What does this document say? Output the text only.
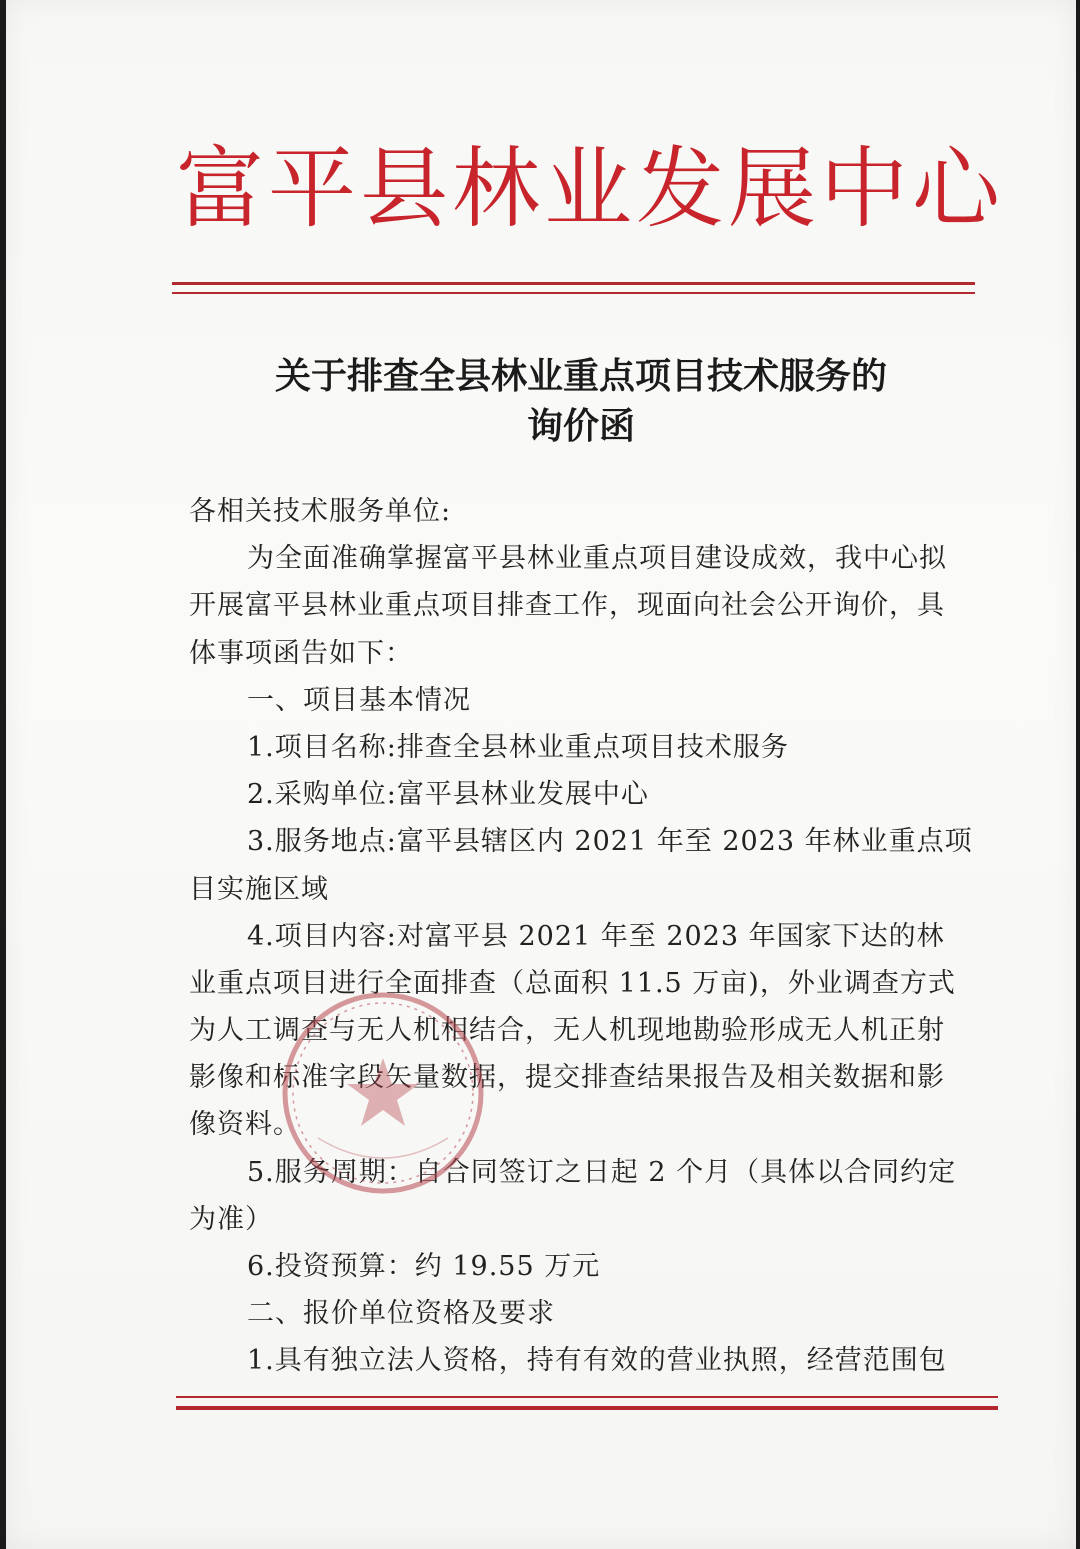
富平县林业发展中心
关于排查全县林业重点项目技术服务的
询价函
各相关技术服务单位:
为全面准确掌握富平县林业重点项目建设成效，我中心拟
开展富平县林业重点项目排查工作，现面向社会公开询价，具
体事项函告如下：
一、项目基本情况
1.项目名称:排查全县林业重点项目技术服务
2.采购单位:富平县林业发展中心
3.服务地点:富平县辖区内 2021 年至 2023 年林业重点项
目实施区域
4.项目内容:对富平县 2021 年至 2023 年国家下达的林
业重点项目进行全面排查（总面积 11.5 万亩)，外业调查方式
为人工调查与无人机相结合，无人机现地勘验形成无人机正射
影像和标准字段矢量数据，提交排查结果报告及相关数据和影
像资料。
5.服务周期：自合同签订之日起 2 个月（具体以合同约定
为准）
6.投资预算：约 19.55 万元
二、报价单位资格及要求
1.具有独立法人资格，持有有效的营业执照，经营范围包
